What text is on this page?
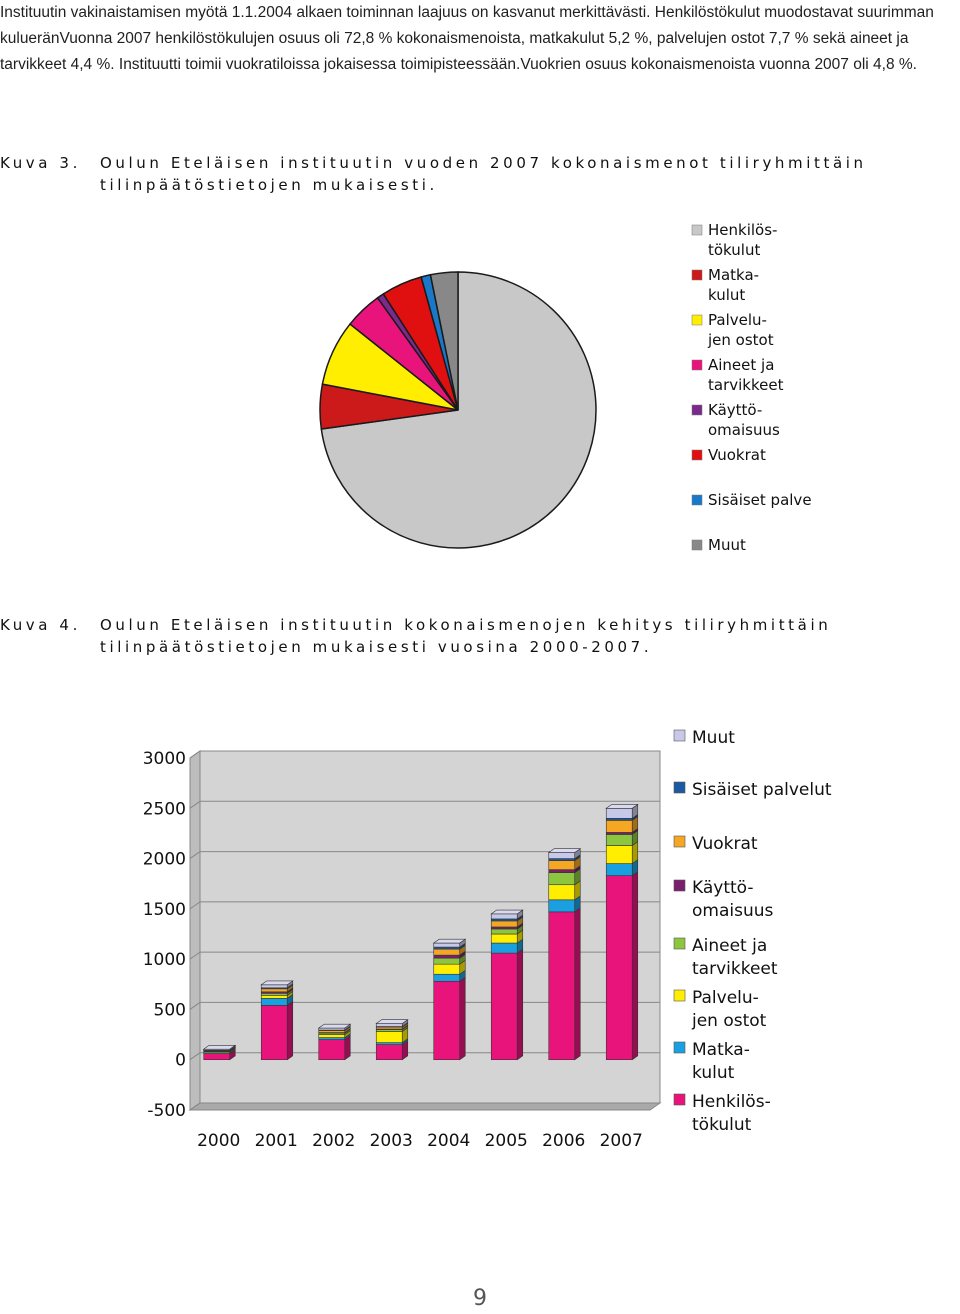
Instituutin vakinaistamisen myötä 1.1.2004 alkaen toiminnan laajuus on kasvanut merkittävästi. Henkilöstökulut muodostavat suurimman kulueränVuonna 2007 henkilöstökulujen osuus oli 72,8 % kokonaismenoista, matkakulut 5,2 %, palvelujen ostot 7,7 % sekä aineet ja tarvikkeet 4,4 %. Instituutti toimii vuokratiloissa jokaisessa toimipisteessään.Vuokrien osuus kokonaismenoista vuonna 2007 oli 4,8 %.

Kuva 3. Oulun Eteläisen instituutin vuoden 2007 kokonaismenot tiliryhmittäin
tilinpäätöstietojen mukaisesti.
Henkilös-
tökulut
Matka-
kulut
Palvelu-
jen ostot
Aineet ja
tarvikkeet
Käyttö-
omaisuus
Vuokrat
Sisäiset palve
Muut
Kuva 4. Oulun Eteläisen instituutin kokonaismenojen kehitys tiliryhmittäin
tilinpäätöstietojen mukaisesti vuosina 2000-2007.
3000
2500
2000
1500
1000
500
0
-500
2000 2001 2002 2003 2004 2005 2006 2007
Muut
Sisäiset palvelut
Vuokrat
Käyttö-
omaisuus
Aineet ja
tarvikkeet
Palvelu-
jen ostot
Matka-
kulut
Henkilös-
tökulut
9
